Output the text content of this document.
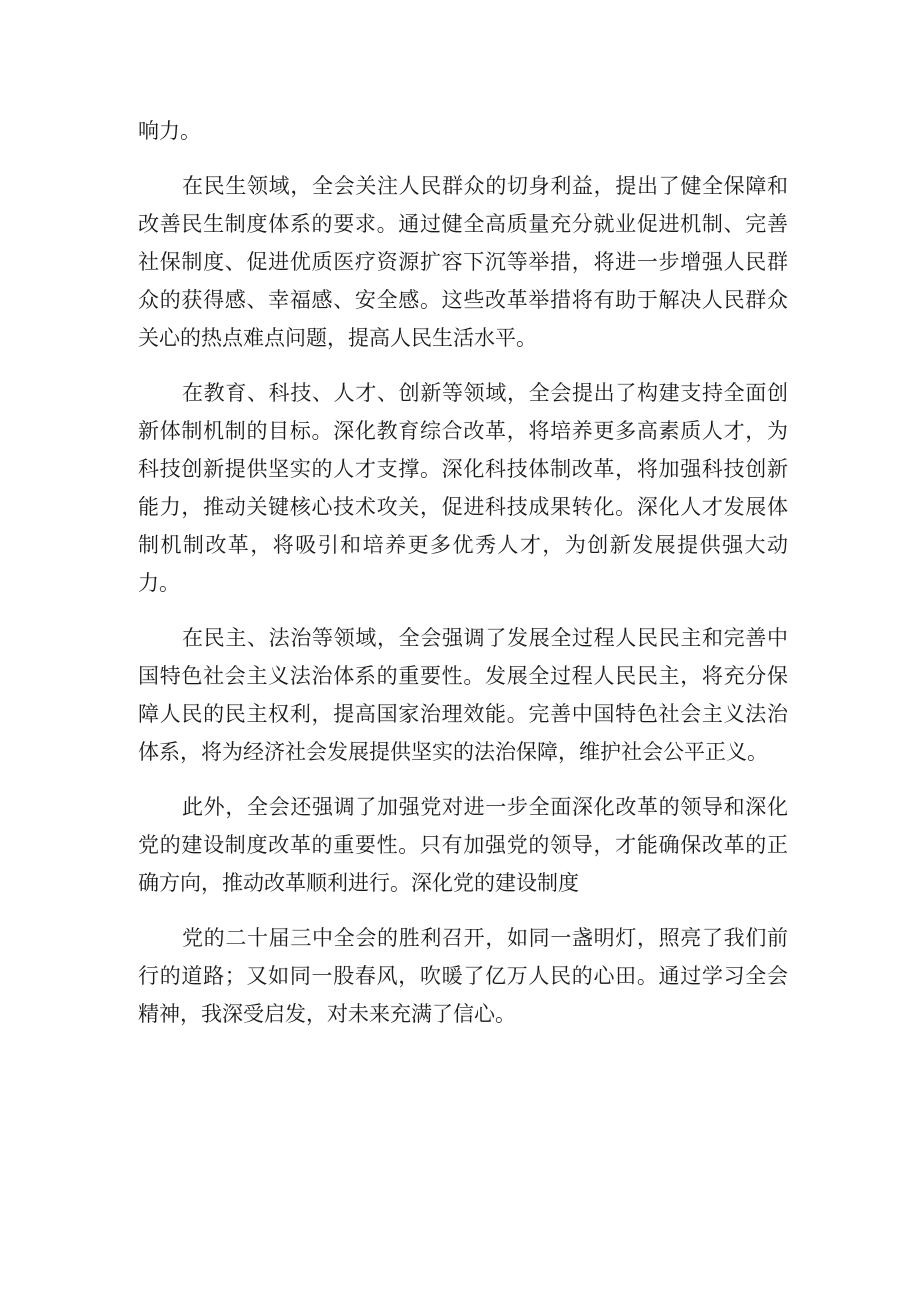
响力。

在民生领域，全会关注人民群众的切身利益，提出了健全保障和改善民生制度体系的要求。通过健全高质量充分就业促进机制、完善社保制度、促进优质医疗资源扩容下沉等举措，将进一步增强人民群众的获得感、幸福感、安全感。这些改革举措将有助于解决人民群众关心的热点难点问题，提高人民生活水平。

在教育、科技、人才、创新等领域，全会提出了构建支持全面创新体制机制的目标。深化教育综合改革，将培养更多高素质人才，为科技创新提供坚实的人才支撑。深化科技体制改革，将加强科技创新能力，推动关键核心技术攻关，促进科技成果转化。深化人才发展体制机制改革，将吸引和培养更多优秀人才，为创新发展提供强大动力。

在民主、法治等领域，全会强调了发展全过程人民民主和完善中国特色社会主义法治体系的重要性。发展全过程人民民主，将充分保障人民的民主权利，提高国家治理效能。完善中国特色社会主义法治体系，将为经济社会发展提供坚实的法治保障，维护社会公平正义。

此外，全会还强调了加强党对进一步全面深化改革的领导和深化党的建设制度改革的重要性。只有加强党的领导，才能确保改革的正确方向，推动改革顺利进行。深化党的建设制度

党的二十届三中全会的胜利召开，如同一盏明灯，照亮了我们前行的道路；又如同一股春风，吹暖了亿万人民的心田。通过学习全会精神，我深受启发，对未来充满了信心。
